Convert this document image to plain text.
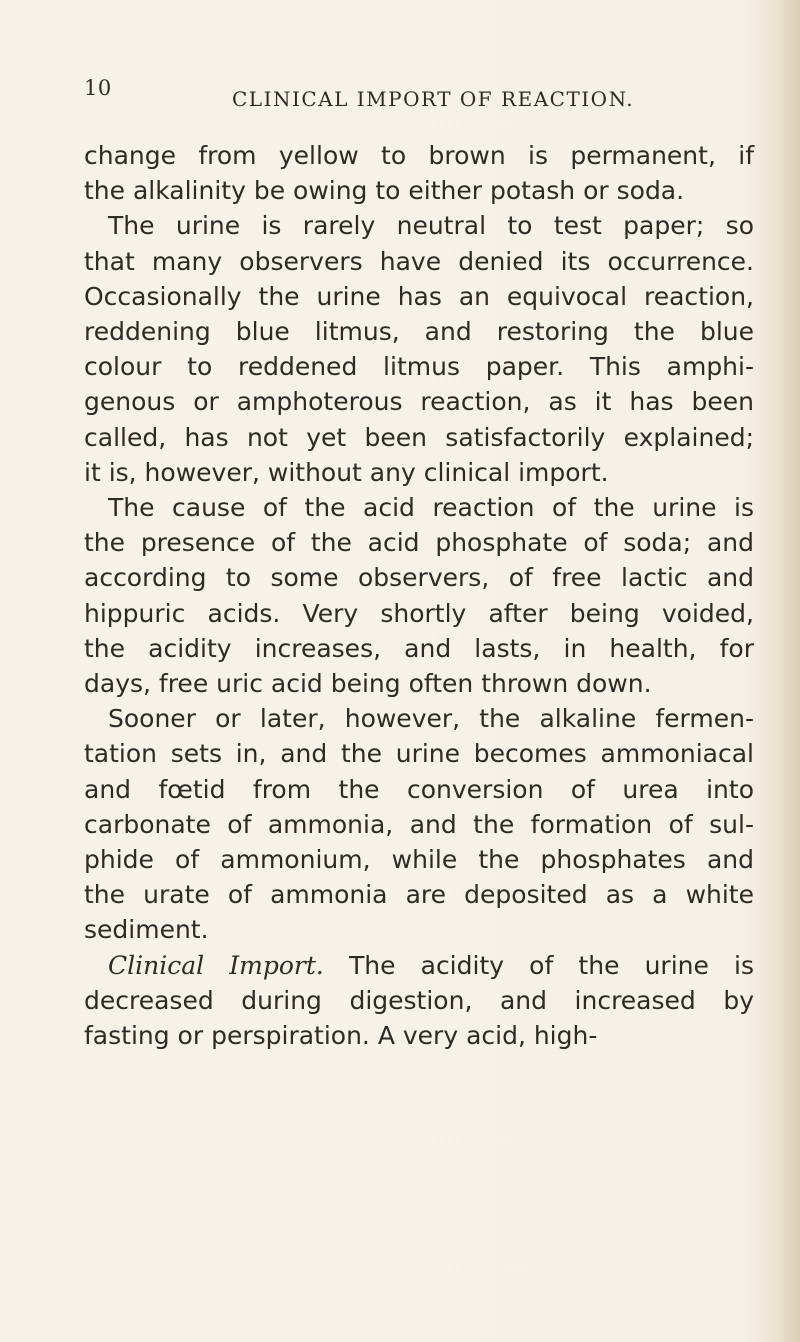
10	CLINICAL IMPORT OF REACTION.
change from yellow to brown is permanent, if
the alkalinity be owing to either potash or soda.
The urine is rarely neutral to test paper; so
that many observers have denied its occurrence.
Occasionally the urine has an equivocal reaction,
reddening blue litmus, and restoring the blue
colour to reddened litmus paper. This amphi-
genous or amphoterous reaction, as it has been
called, has not yet been satisfactorily explained;
it is, however, without any clinical import.
The cause of the acid reaction of the urine is
the presence of the acid phosphate of soda; and
according to some observers, of free lactic and
hippuric acids. Very shortly after being voided,
the acidity increases, and lasts, in health, for
days, free uric acid being often thrown down.
Sooner or later, however, the alkaline fermen-
tation sets in, and the urine becomes ammoniacal
and fœtid from the conversion of urea into
carbonate of ammonia, and the formation of sul-
phide of ammonium, while the phosphates and
the urate of ammonia are deposited as a white
sediment.
Clinical Import. The acidity of the urine is
decreased during digestion, and increased by
fasting or perspiration. A very acid, high-
